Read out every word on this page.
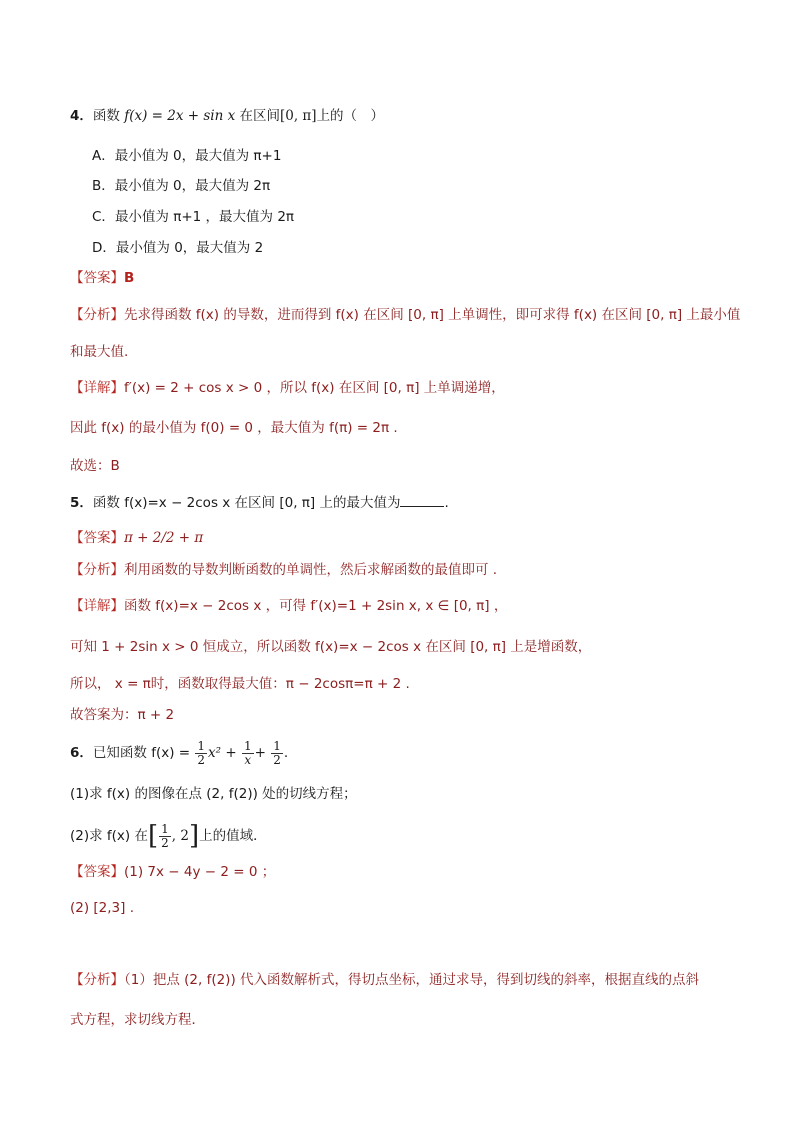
4．函数 f(x) = 2x + sin x 在区间[0, π]上的（　）
A．最小值为 0，最大值为 π+1
B．最小值为 0，最大值为 2π
C．最小值为 π+1 ，最大值为 2π
D．最小值为 0，最大值为 2
【答案】B
【分析】先求得函数 f(x) 的导数，进而得到 f(x) 在区间 [0, π] 上单调性，即可求得 f(x) 在区间 [0, π] 上最小值
和最大值.
【详解】f′(x) = 2 + cos x > 0 ，所以 f(x) 在区间 [0, π] 上单调递增，
因此 f(x) 的最小值为 f(0) = 0 ，最大值为 f(π) = 2π .
故选：B
5．函数 f(x)=x − 2cos x 在区间 [0, π] 上的最大值为	.
【答案】π + 2/2 + π
【分析】利用函数的导数判断函数的单调性，然后求解函数的最值即可 .
【详解】函数 f(x)=x − 2cos x ，可得 f′(x)=1 + 2sin x, x ∈ [0, π] ，
可知 1 + 2sin x > 0 恒成立，所以函数 f(x)=x − 2cos x 在区间 [0, π] 上是增函数，
所以， x = π时，函数取得最大值：π − 2cosπ=π + 2 .
故答案为：π + 2
6．已知函数 $f(x) = \frac{1}{2} x^2 + \frac{1}{x} + \frac{1}{2}$ .
(1)求 f(x) 的图像在点 (2, f(2)) 处的切线方程；
(2)求 f(x) 在[ $\frac{1}{2}$ , 2]上的值域．
【答案】(1) 7x − 4y − 2 = 0 ；
(2) [2,3] .
【分析】（1）把点 (2, f(2)) 代入函数解析式，得切点坐标，通过求导，得到切线的斜率，根据直线的点斜
式方程，求切线方程．
